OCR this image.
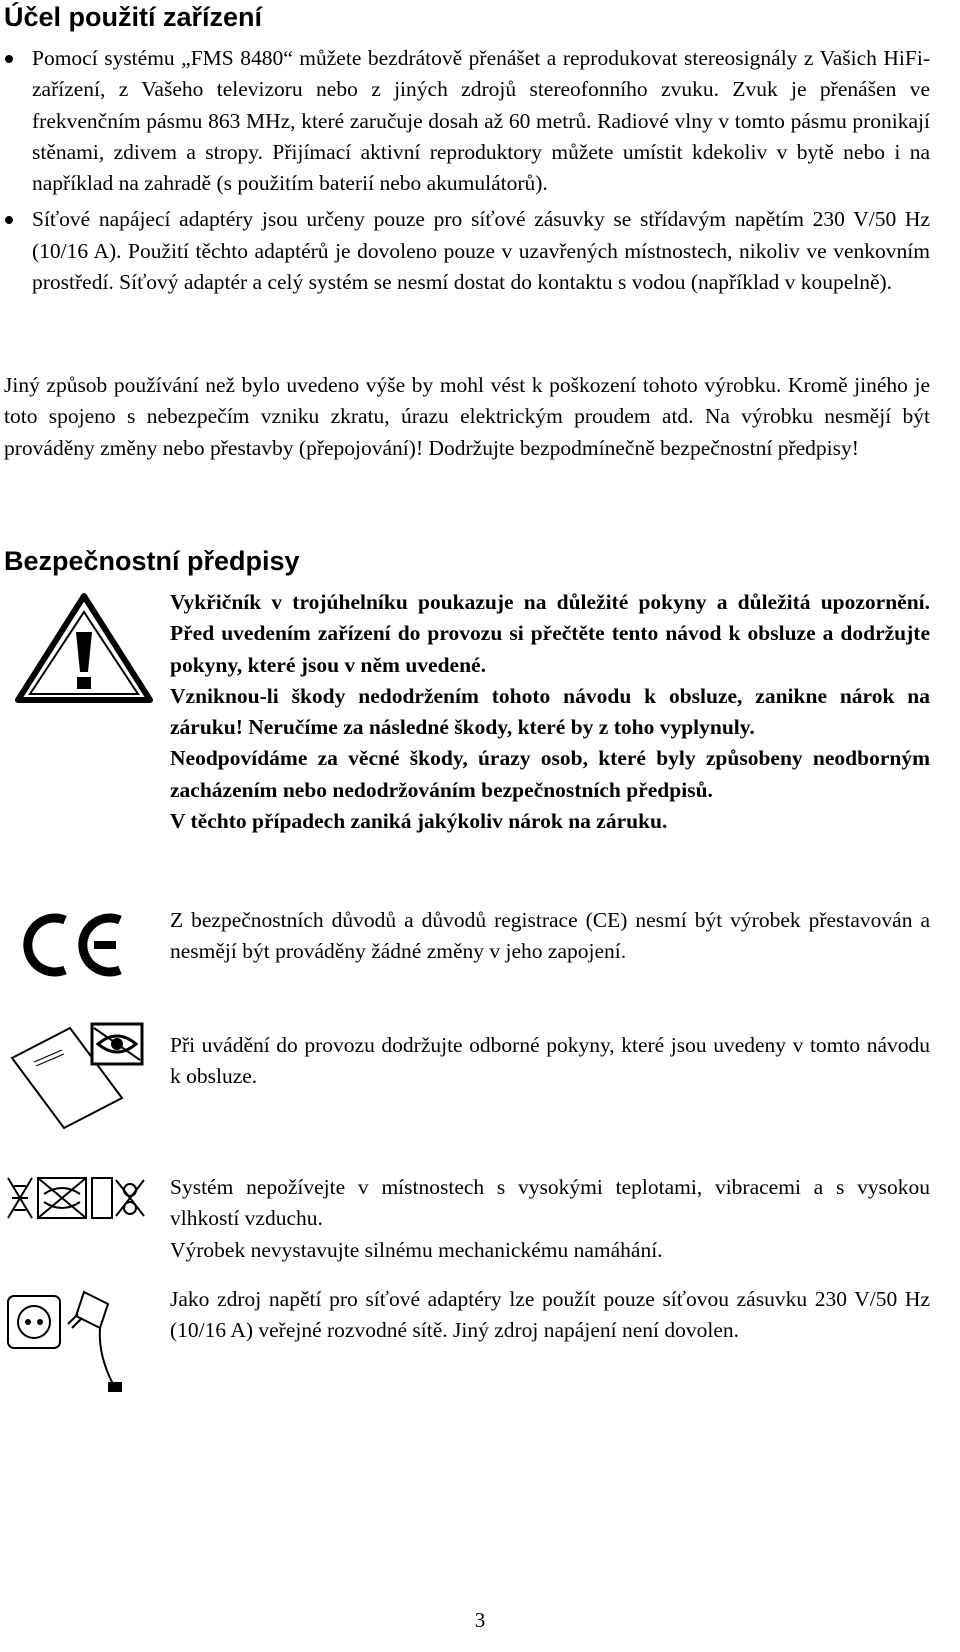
Účel použití zařízení
Pomocí systému „FMS 8480“ můžete bezdrátově přenášet a reprodukovat stereosignály z Vašich HiFi-zařízení, z Vašeho televizoru nebo z jiných zdrojů stereofonního zvuku. Zvuk je přenášen ve frekvenčním pásmu 863 MHz, které zaručuje dosah až 60 metrů. Radiové vlny v tomto pásmu pronikají stěnami, zdivem a stropy. Přijímací aktivní reproduktory můžete umístit kdekoliv v bytě nebo i na například na zahradě (s použitím baterií nebo akumulátorů).
Síťové napájecí adaptéry jsou určeny pouze pro síťové zásuvky se střídavým napětím 230 V/50 Hz (10/16 A). Použití těchto adaptérů je dovoleno pouze v uzavřených místnostech, nikoliv ve venkovním prostředí. Síťový adaptér a celý systém se nesmí dostat do kontaktu s vodou (například v koupelně).

Jiný způsob používání než bylo uvedeno výše by mohl vést k poškození tohoto výrobku. Kromě jiného je toto spojeno s nebezpečím vzniku zkratu, úrazu elektrickým proudem atd. Na výrobku nesmějí být prováděny změny nebo přestavby (přepojování)! Dodržujte bezpodmínečně bezpečnostní předpisy!

Bezpečnostní předpisy

Vykřičník v trojúhelníku poukazuje na důležité pokyny a důležitá upozornění. Před uvedením zařízení do provozu si přečtěte tento návod k obsluze a dodržujte pokyny, které jsou v něm uvedené.

Vzniknou-li škody nedodržením tohoto návodu k obsluze, zanikne nárok na záruku! Neručíme za následné škody, které by z toho vyplynuly.

Neodpovídáme za věcné škody, úrazy osob, které byly způsobeny neodborným zacházením nebo nedodržováním bezpečnostních předpisů.

V těchto případech zaniká jakýkoliv nárok na záruku.

Z bezpečnostních důvodů a důvodů registrace (CE) nesmí být výrobek přestavován a nesmějí být prováděny žádné změny v jeho zapojení.

Při uvádění do provozu dodržujte odborné pokyny, které jsou uvedeny v tomto návodu k obsluze.

Systém nepožívejte v místnostech s vysokými teplotami, vibracemi a s vysokou vlhkostí vzduchu.

Výrobek nevystavujte silnému mechanickému namáhání.

Jako zdroj napětí pro síťové adaptéry lze použít pouze síťovou zásuvku 230 V/50 Hz (10/16 A) veřejné rozvodné sítě. Jiný zdroj napájení není dovolen.

3
